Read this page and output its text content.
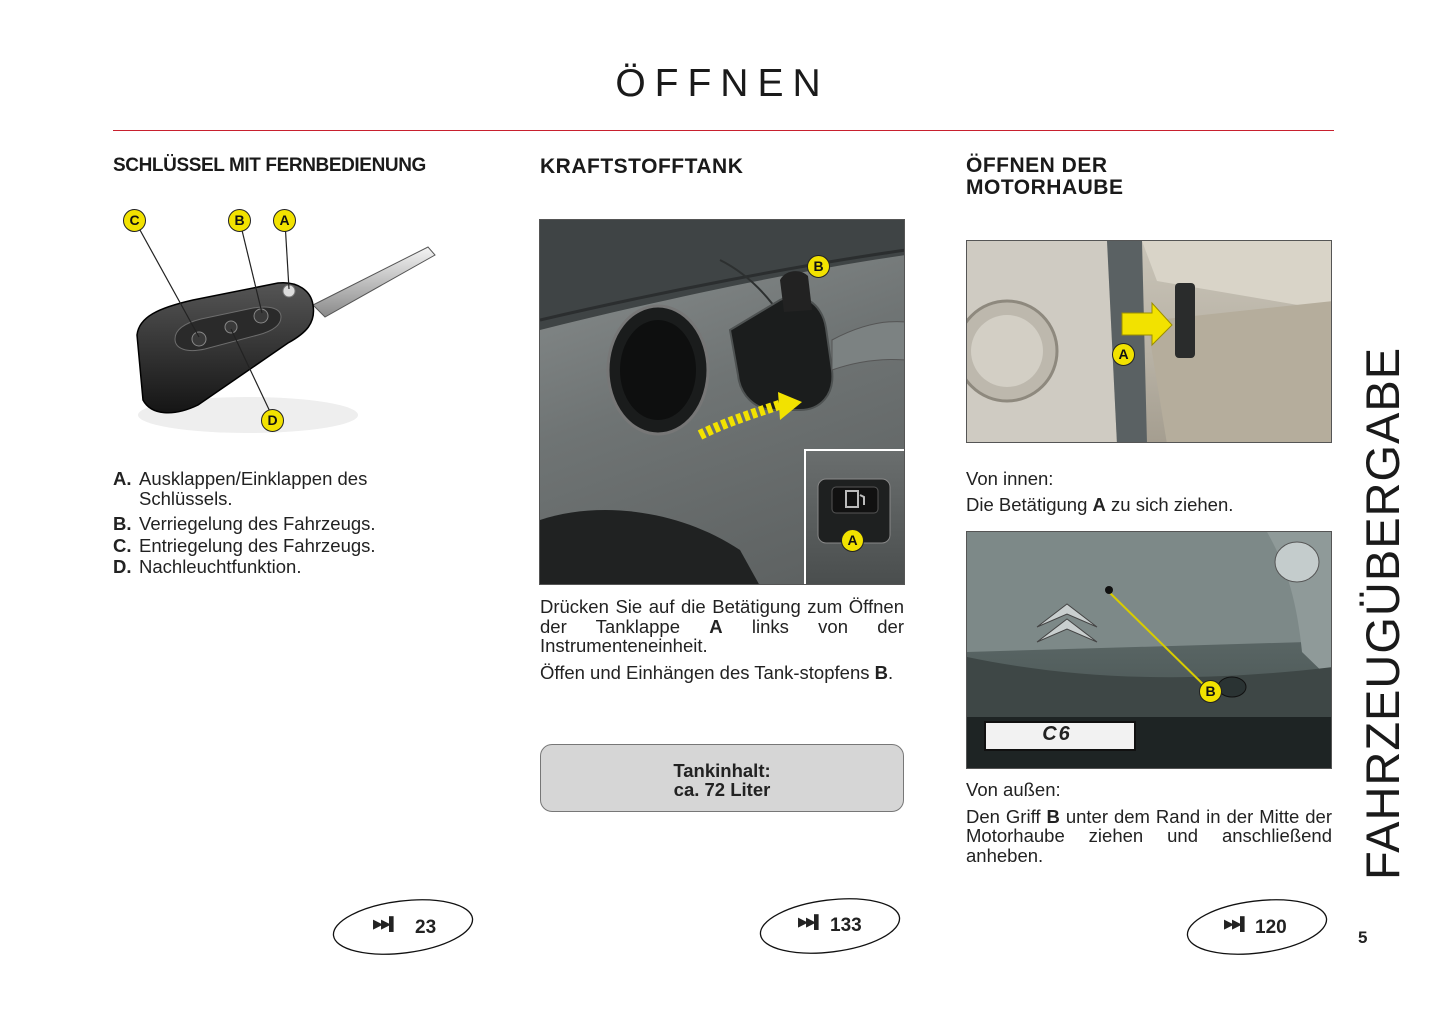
ÖFFNEN
SCHLÜSSEL MIT FERNBEDIENUNG
C	B	A
D
A. Ausklappen/Einklappen des
Schlüssels.
B. Verriegelung des Fahrzeugs.
C. Entriegelung des Fahrzeugs.
D. Nachleuchtfunktion.
KRAFTSTOFFTANK
B
A
Drücken Sie auf die Betätigung zum Öffnen der Tanklappe A links von der Instrumenteneinheit.
Öffen und Einhängen des Tank-stopfens B.
Tankinhalt:
ca. 72 Liter
ÖFFNEN DER
MOTORHAUBE
A
Von innen:
Die Betätigung A zu sich ziehen.
C6
B
Von außen:
Den Griff B unter dem Rand in der Mitte der Motorhaube ziehen und anschließend anheben.	FAHRZEUGÜBERGABE
▶▶▌ 23	▶▶▌ 133	▶▶▌ 120	5
